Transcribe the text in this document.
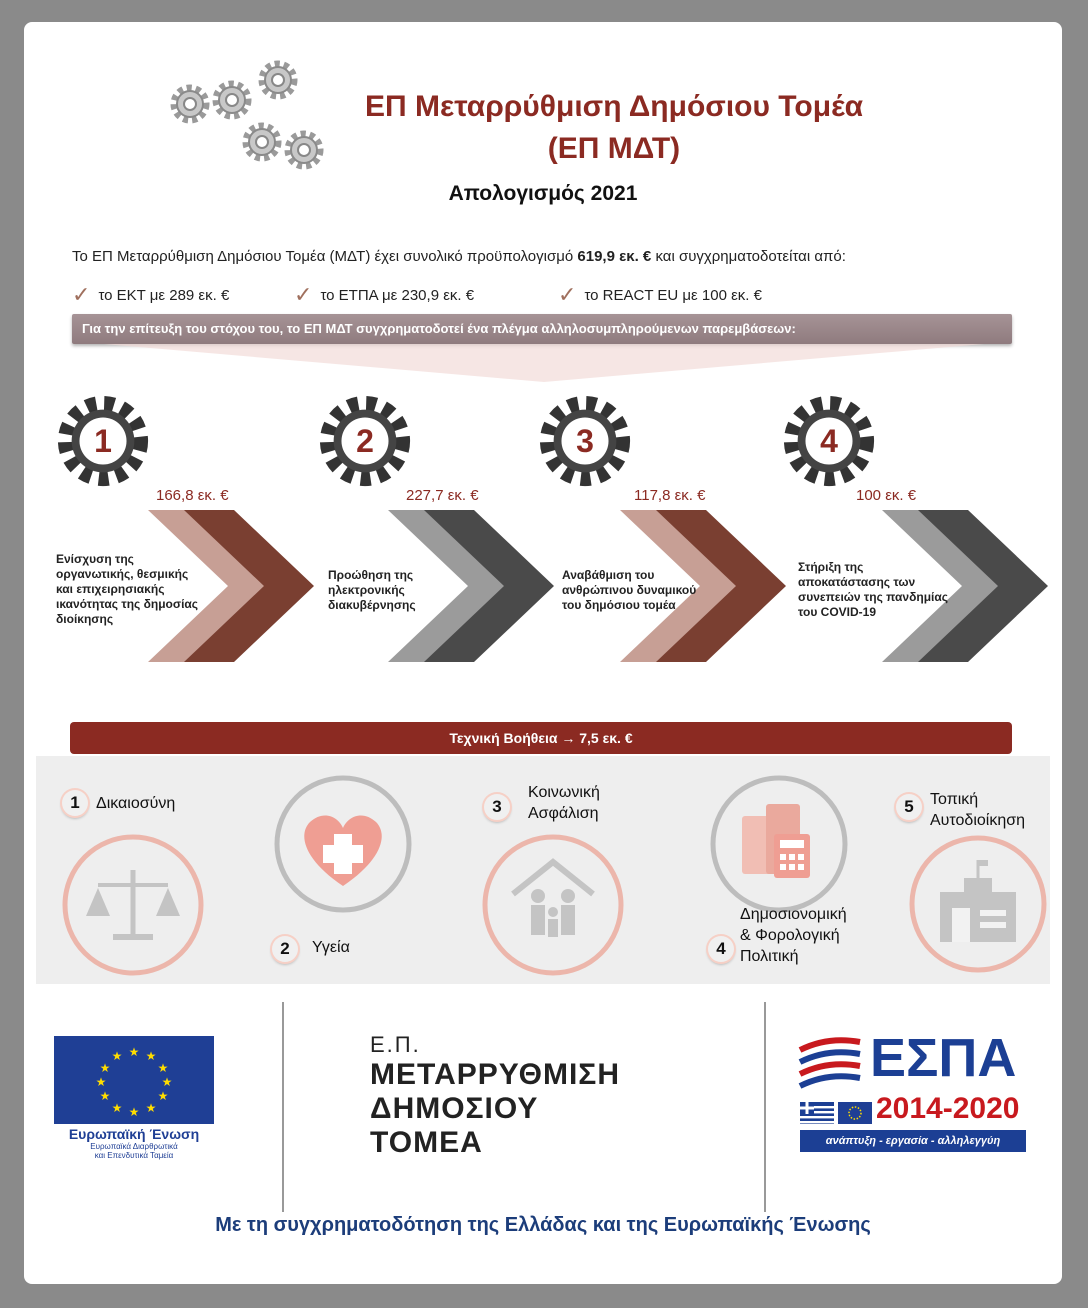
ΕΠ Μεταρρύθμιση Δημόσιου Τομέα
(ΕΠ ΜΔΤ)
Απολογισμός 2021
Το ΕΠ Μεταρρύθμιση Δημόσιου Τομέα (ΜΔΤ) έχει συνολικό προϋπολογισμό 619,9 εκ. € και συγχρηματοδοτείται από:
✓ το ΕΚΤ με 289 εκ. €	✓ το ΕΤΠΑ με 230,9 εκ. €	✓ το REACT EU με 100 εκ. €
Για την επίτευξη του στόχου του, το ΕΠ ΜΔΤ συγχρηματοδοτεί ένα πλέγμα αλληλοσυμπληρούμενων παρεμβάσεων:
1	2	3	4
166,8 εκ. €	227,7 εκ. €	117,8 εκ. €	100 εκ. €
Ενίσχυση της
οργανωτικής, θεσμικής
και επιχειρησιακής
ικανότητας της δημοσίας
διοίκησης
Προώθηση της
ηλεκτρονικής
διακυβέρνησης
Αναβάθμιση του
ανθρώπινου δυναμικού
του δημόσιου τομέα
Στήριξη της
αποκατάστασης των
συνεπειών της πανδημίας
του COVID-19
Τεχνική Βοήθεια → 7,5 εκ. €
1	Δικαιοσύνη
2	Υγεία
3
Κοινωνική
Ασφάλιση
4
Δημοσιονομική
& Φορολογική
Πολιτική
5	Τοπική
Αυτοδιοίκηση
★ ★
★
★
★
★
★
★
★
★
★
★
Ευρωπαϊκή Ένωση
Ευρωπαϊκά Διαρθρωτικά
και Επενδυτικά Ταμεία
Ε.Π.
ΜΕΤΑΡΡΥΘΜΙΣΗ
ΔΗΜΟΣΙΟΥ
ΤΟΜΕΑ
ΕΣΠΑ
2014-2020
ανάπτυξη - εργασία - αλληλεγγύη
Με τη συγχρηματοδότηση της Ελλάδας και της Ευρωπαϊκής Ένωσης
